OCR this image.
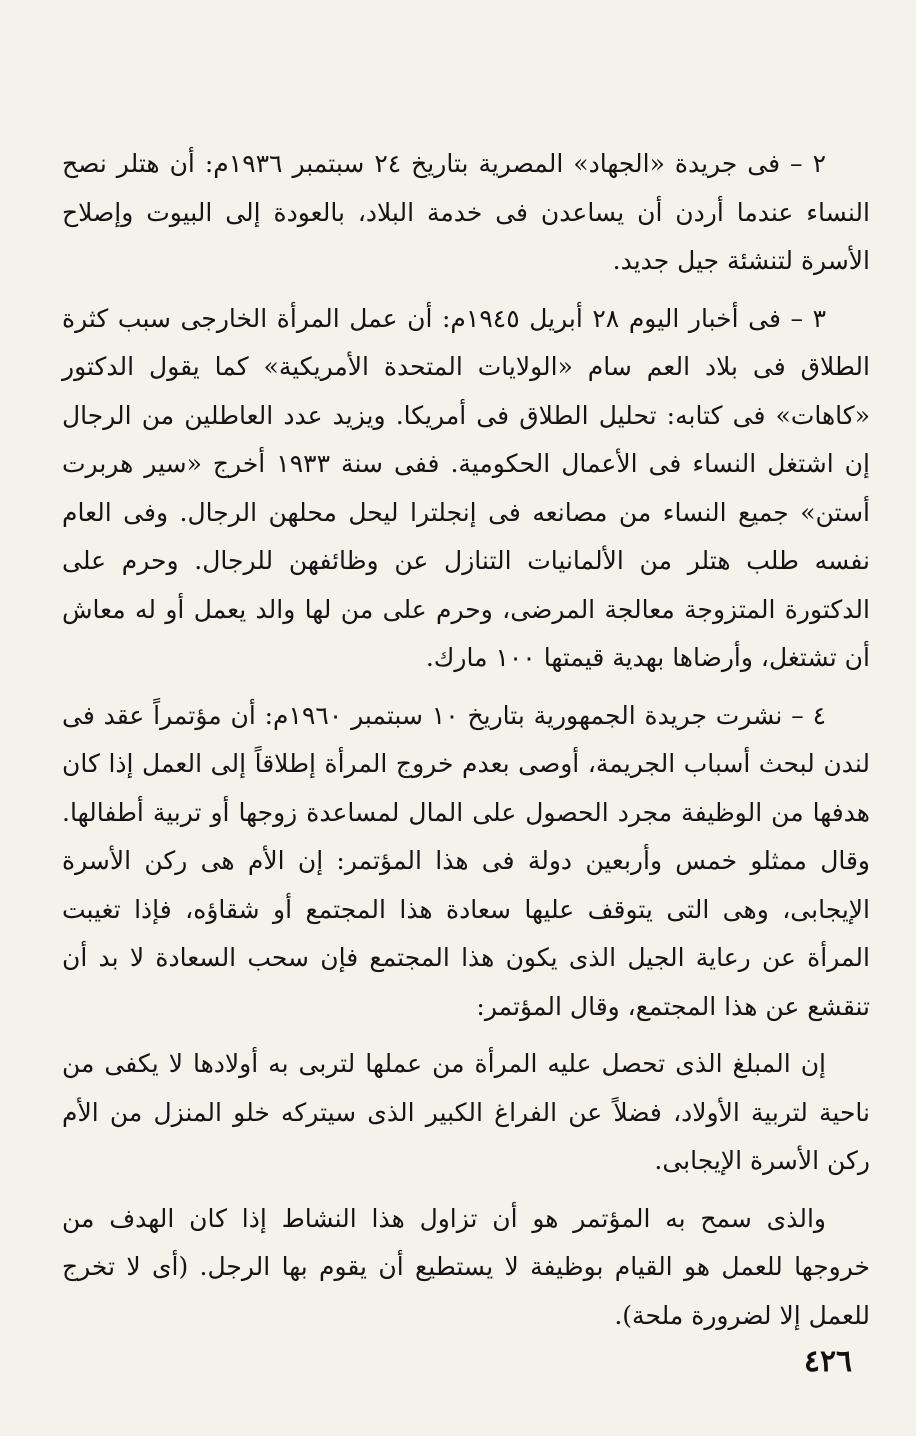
٢ – فى جريدة «الجهاد» المصرية بتاريخ ٢٤ سبتمبر ١٩٣٦م: أن هتلر نصح النساء عندما أردن أن يساعدن فى خدمة البلاد، بالعودة إلى البيوت وإصلاح الأسرة لتنشئة جيل جديد.

٣ – فى أخبار اليوم ٢٨ أبريل ١٩٤٥م: أن عمل المرأة الخارجى سبب كثرة الطلاق فى بلاد العم سام «الولايات المتحدة الأمريكية» كما يقول الدكتور «كاهات» فى كتابه: تحليل الطلاق فى أمريكا. ويزيد عدد العاطلين من الرجال إن اشتغل النساء فى الأعمال الحكومية. ففى سنة ١٩٣٣ أخرج «سير هربرت أستن» جميع النساء من مصانعه فى إنجلترا ليحل محلهن الرجال. وفى العام نفسه طلب هتلر من الألمانيات التنازل عن وظائفهن للرجال. وحرم على الدكتورة المتزوجة معالجة المرضى، وحرم على من لها والد يعمل أو له معاش أن تشتغل، وأرضاها بهدية قيمتها ١٠٠ مارك.

٤ – نشرت جريدة الجمهورية بتاريخ ١٠ سبتمبر ١٩٦٠م: أن مؤتمراً عقد فى لندن لبحث أسباب الجريمة، أوصى بعدم خروج المرأة إطلاقاً إلى العمل إذا كان هدفها من الوظيفة مجرد الحصول على المال لمساعدة زوجها أو تربية أطفالها. وقال ممثلو خمس وأربعين دولة فى هذا المؤتمر: إن الأم هى ركن الأسرة الإيجابى، وهى التى يتوقف عليها سعادة هذا المجتمع أو شقاؤه، فإذا تغيبت المرأة عن رعاية الجيل الذى يكون هذا المجتمع فإن سحب السعادة لا بد أن تنقشع عن هذا المجتمع، وقال المؤتمر:

إن المبلغ الذى تحصل عليه المرأة من عملها لتربى به أولادها لا يكفى من ناحية لتربية الأولاد، فضلاً عن الفراغ الكبير الذى سيتركه خلو المنزل من الأم ركن الأسرة الإيجابى.

والذى سمح به المؤتمر هو أن تزاول هذا النشاط إذا كان الهدف من خروجها للعمل هو القيام بوظيفة لا يستطيع أن يقوم بها الرجل. (أى لا تخرج للعمل إلا لضرورة ملحة).

٤٢٦
